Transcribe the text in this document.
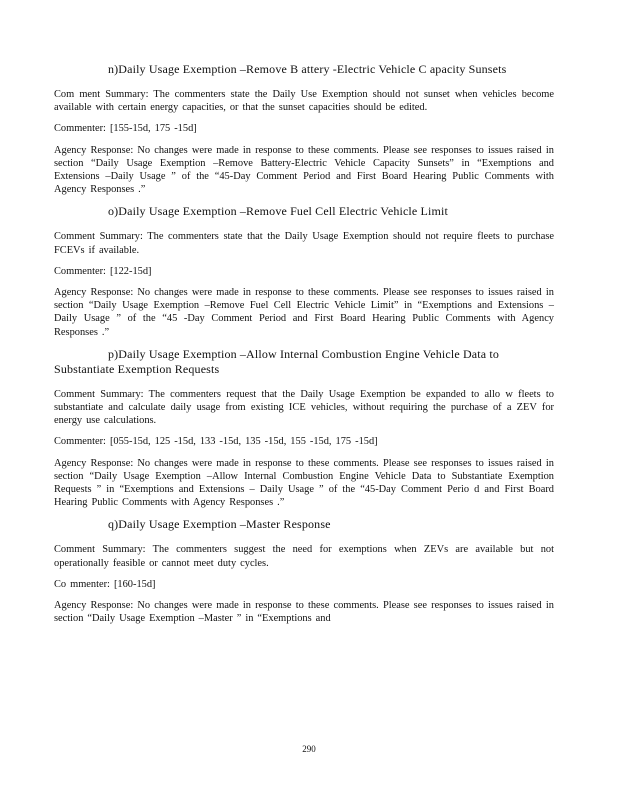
n)Daily Usage Exemption –Remove B attery -Electric Vehicle C apacity Sunsets

Com ment Summary: The commenters state the Daily Use Exemption should not sunset when vehicles become available with certain energy capacities, or that the sunset capacities should be edited.

Commenter: [155-15d, 175 -15d]

Agency Response: No changes were made in response to these comments. Please see responses to issues raised in section “Daily Usage Exemption –Remove Battery-Electric Vehicle Capacity Sunsets” in “Exemptions and Extensions –Daily Usage ” of the “45-Day Comment Period and First Board Hearing Public Comments with Agency Responses .”

o)Daily Usage Exemption –Remove Fuel Cell Electric Vehicle Limit

Comment Summary: The commenters state that the Daily Usage Exemption should not require fleets to purchase FCEVs if available.

Commenter: [122-15d]

Agency Response: No changes were made in response to these comments. Please see responses to issues raised in section “Daily Usage Exemption –Remove Fuel Cell Electric Vehicle Limit” in “Exemptions and Extensions –Daily Usage ” of the “45 -Day Comment Period and First Board Hearing Public Comments with Agency Responses .”

p)Daily Usage Exemption –Allow Internal Combustion Engine Vehicle Data to Substantiate Exemption Requests

Comment Summary: The commenters request that the Daily Usage Exemption be expanded to allo w fleets to substantiate and calculate daily usage from existing ICE vehicles, without requiring the purchase of a ZEV for energy use calculations.

Commenter: [055-15d, 125 -15d, 133 -15d, 135 -15d, 155 -15d, 175 -15d]

Agency Response: No changes were made in response to these comments. Please see responses to issues raised in section “Daily Usage Exemption –Allow Internal Combustion Engine Vehicle Data to Substantiate Exemption Requests ” in “Exemptions and Extensions – Daily Usage ” of the “45-Day Comment Perio d and First Board Hearing Public Comments with Agency Responses .”

q)Daily Usage Exemption –Master Response

Comment Summary: The commenters suggest the need for exemptions when ZEVs are available but not operationally feasible or cannot meet duty cycles.

Co mmenter: [160-15d]

Agency Response: No changes were made in response to these comments. Please see responses to issues raised in section “Daily Usage Exemption –Master ” in “Exemptions and

290
